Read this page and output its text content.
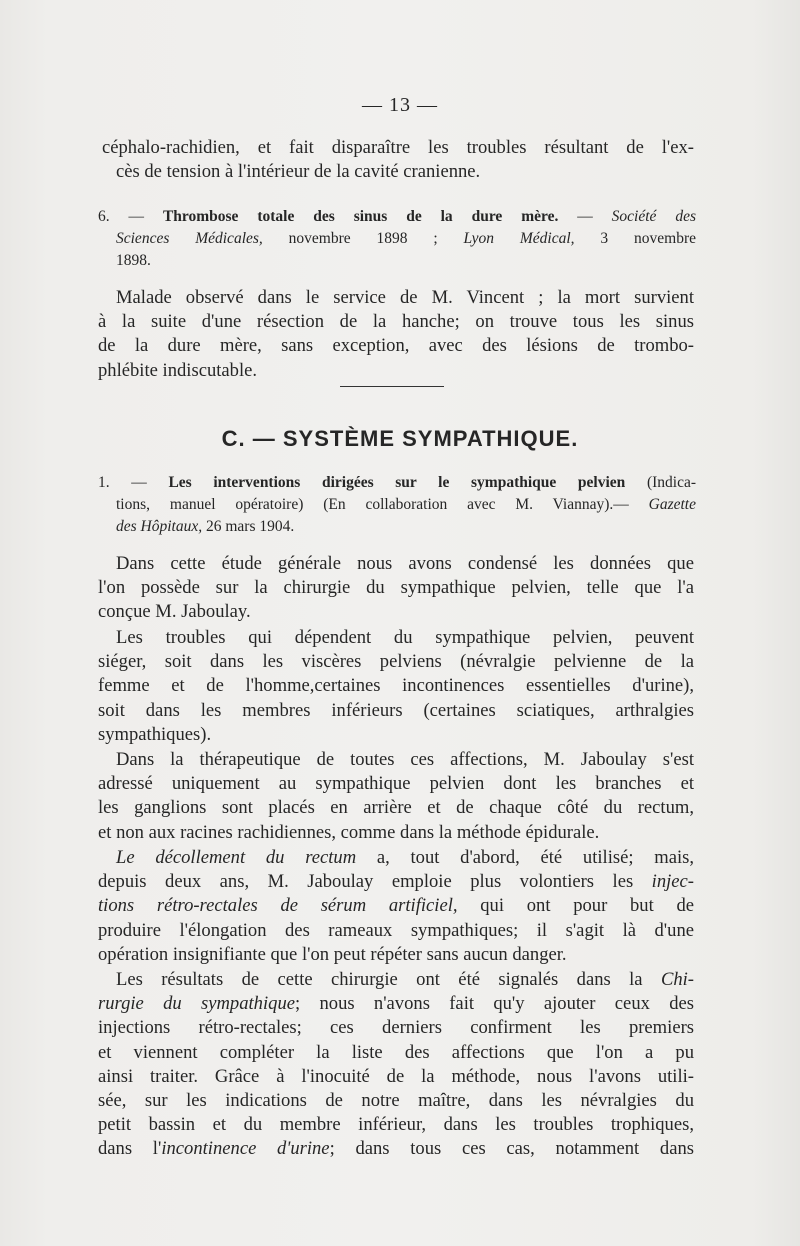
— 13 —
céphalo-rachidien, et fait disparaître les troubles résultant de l'ex-
cès de tension à l'intérieur de la cavité cranienne.
6. — Thrombose totale des sinus de la dure mère. — Société des
Sciences Médicales, novembre 1898 ; Lyon Médical, 3 novembre
1898.
Malade observé dans le service de M. Vincent ; la mort survient
à la suite d'une résection de la hanche; on trouve tous les sinus
de la dure mère, sans exception, avec des lésions de trombo-
phlébite indiscutable.
C. — SYSTÈME SYMPATHIQUE.
1. — Les interventions dirigées sur le sympathique pelvien (Indica-
tions, manuel opératoire) (En collaboration avec M. Viannay).— Gazette
des Hôpitaux, 26 mars 1904.
Dans cette étude générale nous avons condensé les données que
l'on possède sur la chirurgie du sympathique pelvien, telle que l'a
conçue M. Jaboulay.
Les troubles qui dépendent du sympathique pelvien, peuvent
siéger, soit dans les viscères pelviens (névralgie pelvienne de la
femme et de l'homme,certaines incontinences essentielles d'urine),
soit dans les membres inférieurs (certaines sciatiques, arthralgies
sympathiques).
Dans la thérapeutique de toutes ces affections, M. Jaboulay s'est
adressé uniquement au sympathique pelvien dont les branches et
les ganglions sont placés en arrière et de chaque côté du rectum,
et non aux racines rachidiennes, comme dans la méthode épidurale.
Le décollement du rectum a, tout d'abord, été utilisé; mais,
depuis deux ans, M. Jaboulay emploie plus volontiers les injec-
tions rétro-rectales de sérum artificiel, qui ont pour but de
produire l'élongation des rameaux sympathiques; il s'agit là d'une
opération insignifiante que l'on peut répéter sans aucun danger.
Les résultats de cette chirurgie ont été signalés dans la Chi-
rurgie du sympathique; nous n'avons fait qu'y ajouter ceux des
injections rétro-rectales; ces derniers confirment les premiers
et viennent compléter la liste des affections que l'on a pu
ainsi traiter. Grâce à l'inocuité de la méthode, nous l'avons utili-
sée, sur les indications de notre maître, dans les névralgies du
petit bassin et du membre inférieur, dans les troubles trophiques,
dans l'incontinence d'urine; dans tous ces cas, notamment dans
